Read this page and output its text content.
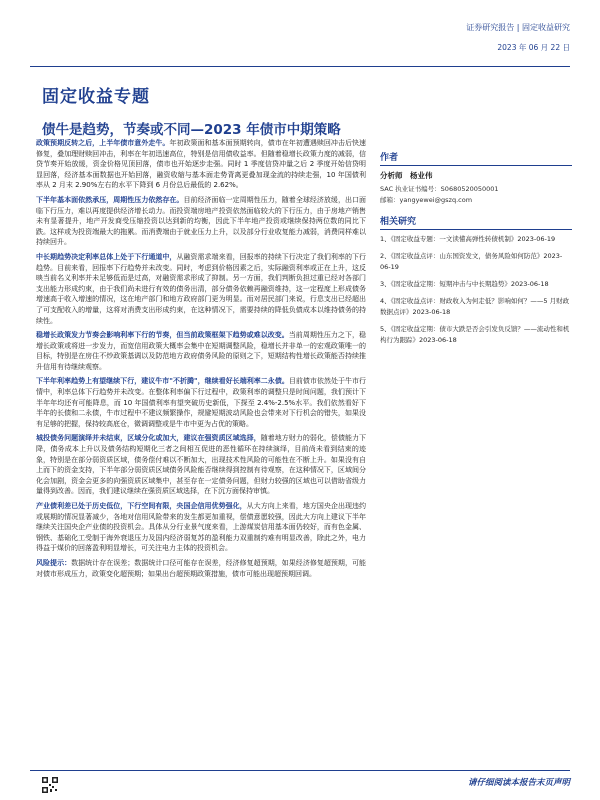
证券研究报告 | 固定收益研究
2023 年 06 月 22 日
固定收益专题
债牛是趋势，节奏或不同—2023 年债市中期策略

政策预期反转之后，上半年债市意外走牛。年初政策面和基本面预期转向，债市在年初遭遇赎回冲击后快速修复，叠加理财赎回冲击，利率在年初迅速高位，特别是信用债收益率。但随着稳增长政策力度的减弱，信贷节奏开始放缓，资金价格见顶回落，债市也开始逐步走强。同时 1 季度信贷冲量之后 2 季度开始信贷明显回落，经济基本面数据也开始回落，融资收缩与基本面走势背离更叠加现金流的持续走强，10 年国债利率从 2 月末 2.90%左右的水平下降到 6 月份总后最低的 2.62%。

下半年基本面依然承压，周期性压力依然存在。目前经济面临一定周期性压力，随着全球经济放缓，出口面临下行压力，难以再度提供经济增长动力。而投资端房地产投资依然面临较大的下行压力，由于房地产销售未有显著提升，地产开发商受压缩投资以达到新的均衡，因此下半年地产投资或继续保持两位数的同比下跌。这样或为投资端最大的拖累。而消费端由于就业压力上升，以及部分行业收复能力减弱，消费同样难以持续回升。

中长期趋势决定利率总体上处于下行通道中，从融资需求端来看，回报率的持续下行决定了我们利率的下行趋势。目前来看，回报率下行趋势并未改变。同时，考虑到价格因素之后，实际融资利率或正在上升，这反映当前名义利率并未足够低而是过高，对融资需求形成了抑制。另一方面，我们判断负担过重已经对各部门支出能力形成约束，由于我们尚未进行有效的债务出清，部分债务依赖再融资维持，这一定程度上形成债务增速高于收入增速的情况，这在地产部门和地方政府部门更为明显。而对居民部门来说，行息支出已经超出了可支配收入的增量，这将对消费支出形成约束，在这种情况下，需要持续的降低负债成本以维持债务的持续性。

稳增长政策发力节奏会影响利率下行的节奏，但当前政策框架下趋势或难以改变。当前周期性压力之下，稳增长政策或将进一步发力，而宽信用政策大概率会集中在短期调整风险，稳增长并非单一的宏观政策唯一的目标，特别是在房住不炒政策基调以及防范地方政府债务风险的原则之下，短期结构性增长政策能否持续推升信用有待继续观察。

下半年利率趋势上有望继续下行，建议牛市"不折腾"，继续看好长端利率二永债。目前债市依然处于牛市行情中，利率总体下行趋势并未改变。在整体利率偏下行过程中，政策利率的调整只是时间问题，我们预计下半年年均还有可能降息，而 10 年国债利率有望突破历史新低，下探至 2.4%-2.5%水平。我们依然看好下半年的长债和二永债，牛市过程中不建议频繁操作，规避短期波动风险也会带来对下行机会的错失，如果没有足够的把握，保持较高底仓，微调调整或是牛市中更为占优的策略。

城投债务问题演绎并未结束，区域分化或加大，建议在强资质区域选择，随着地方财力的弱化，偿债能力下降，债务成本上升以及债务结构短期化三者之间相互促进的恶性循环在持续演绎，目前尚未看到结束的迹象，特别是在部分弱资质区域，债务偿付难以不断加大，出现技术性风险的可能性在不断上升。如果没有自上而下的资金支持，下半年部分弱资质区域债务风险能否继续得到控制有待观察，在这种情况下，区域间分化会加剧，资金会更多的向强资质区域集中，甚至存在一定债务问题，但财力较强的区域也可以借助省级力量得到改善。因而，我们建议继续在强资质区域选择，在下沉方面保持审慎。

产业债利差已处于历史低位，下行空间有限，央国企信用优势强化，从大方向上来看，地方国央企出现违约或展期的情况显著减少，各地对信用风险带来的发生都更加重视，偿债意愿较强，因此大方向上建议下半年继续关注国央企产业债的投资机会。具体从分行业景气度来看，上游煤炭信用基本面仍较好，而有色金属、钢铁、基础化工受制于海外衰退压力及国内经济弱复苏的盈利能力双重制约难有明显改善，除此之外，电力得益于煤价的回落盈利明显增长，可关注电力主体的投资机会。

风险提示：数据统计存在误差；数据统计口径可能存在误差，经济修复超预期，如果经济修复超预期，可能对债市形成压力，政策变化超预期；如果出台超预期政策措施，债市可能出现超预期回调。

作者
分析师　杨业伟
SAC 执业证书编号：S0680520050001
邮箱：yangyewei@gszq.com
相关研究
1、《固定收益专题：一文读懂高弹性转债机制》2023-06-19
2、《固定收益点评：山东国资发文，债务风险如何防范》2023-06-19
3、《固定收益定期：短期冲击与中长期趋势》2023-06-18
4、《固定收益点评：财政收入为何走低？影响如何？——5 月财政数据点评》2023-06-18
5、《固定收益定期：债市大跌是否会引发负反馈？——流动性和机构行为跟踪》2023-06-18
请仔细阅读本报告末页声明
